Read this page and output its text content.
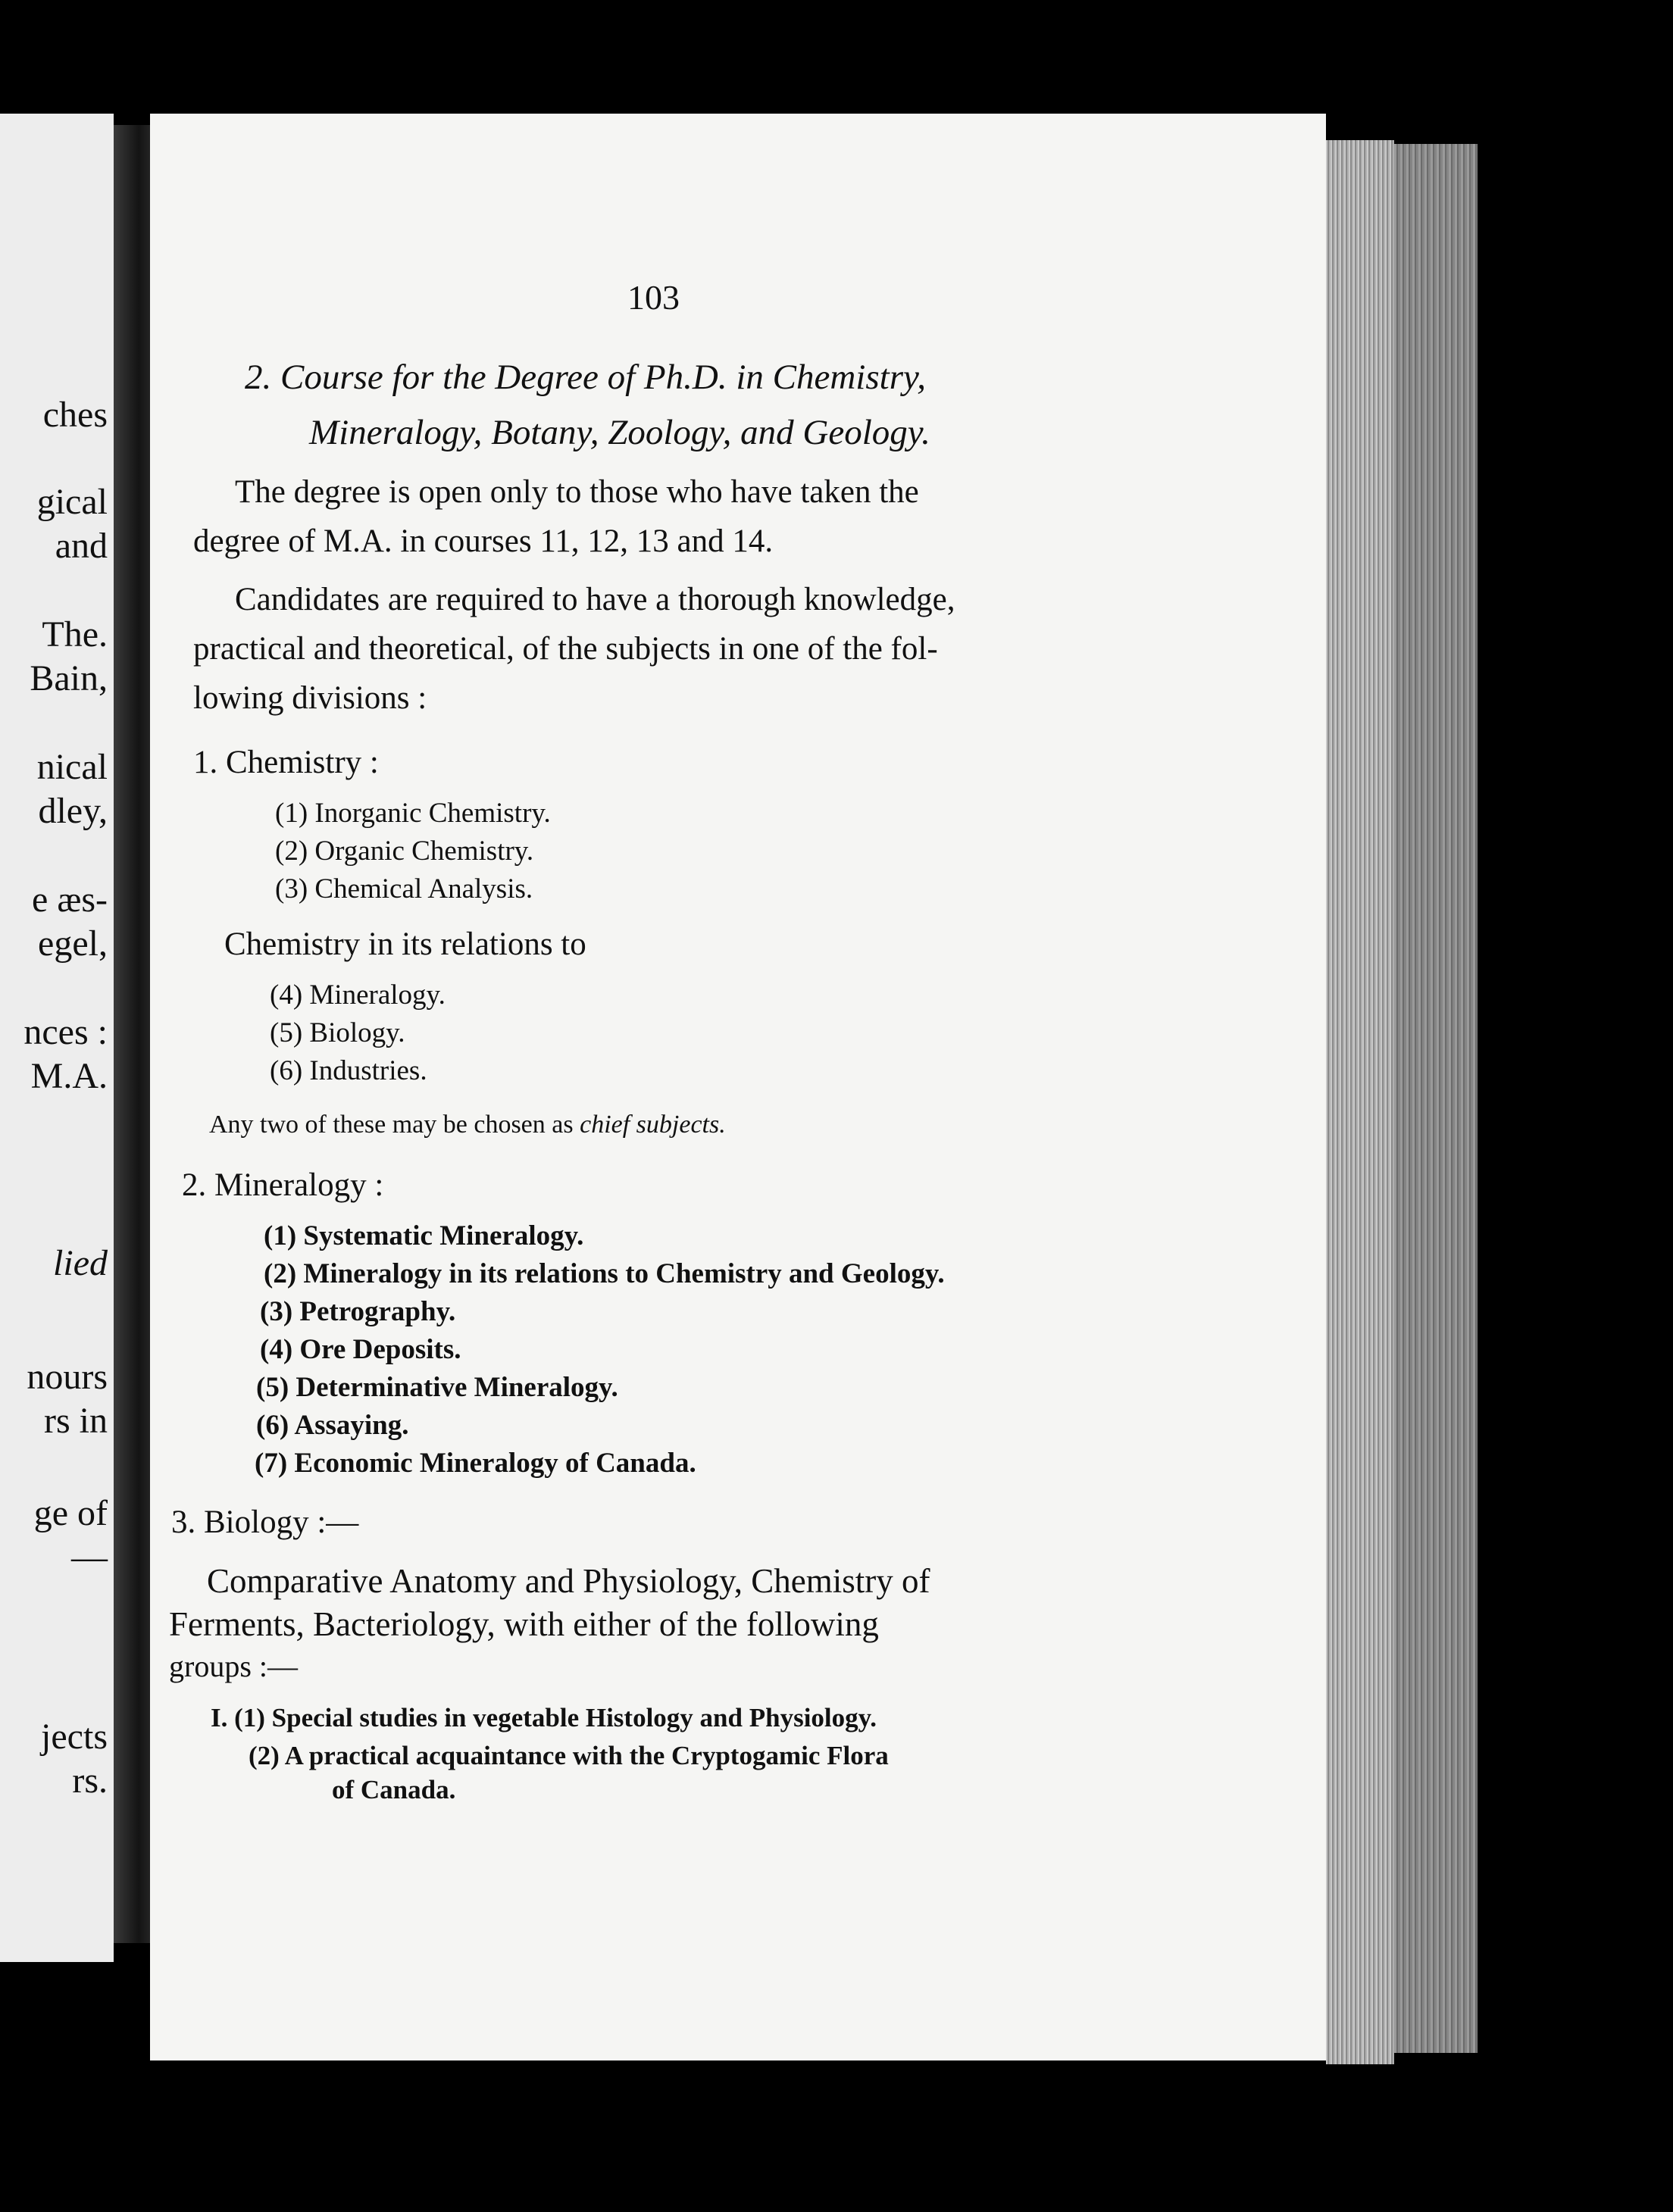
ches
gical
and
The.
Bain,
nical
dley,
e æs-
egel,
nces :
M.A.
lied
nours
rs in
ge of
—
jects
rs.
103
2. Course for the Degree of Ph.D. in Chemistry,
Mineralogy, Botany, Zoology, and Geology.
The degree is open only to those who have taken the
degree of M.A. in courses 11, 12, 13 and 14.
Candidates are required to have a thorough knowledge,
practical and theoretical, of the subjects in one of the fol-
lowing divisions :
1. Chemistry :
(1) Inorganic Chemistry.
(2) Organic Chemistry.
(3) Chemical Analysis.
Chemistry in its relations to
(4) Mineralogy.
(5) Biology.
(6) Industries.
Any two of these may be chosen as chief subjects.
2. Mineralogy :
(1) Systematic Mineralogy.
(2) Mineralogy in its relations to Chemistry and Geology.
(3) Petrography.
(4) Ore Deposits.
(5) Determinative Mineralogy.
(6) Assaying.
(7) Economic Mineralogy of Canada.
3. Biology :—
Comparative Anatomy and Physiology, Chemistry of
Ferments, Bacteriology, with either of the following
groups :—
I. (1) Special studies in vegetable Histology and Physiology.
(2) A practical acquaintance with the Cryptogamic Flora
of Canada.
